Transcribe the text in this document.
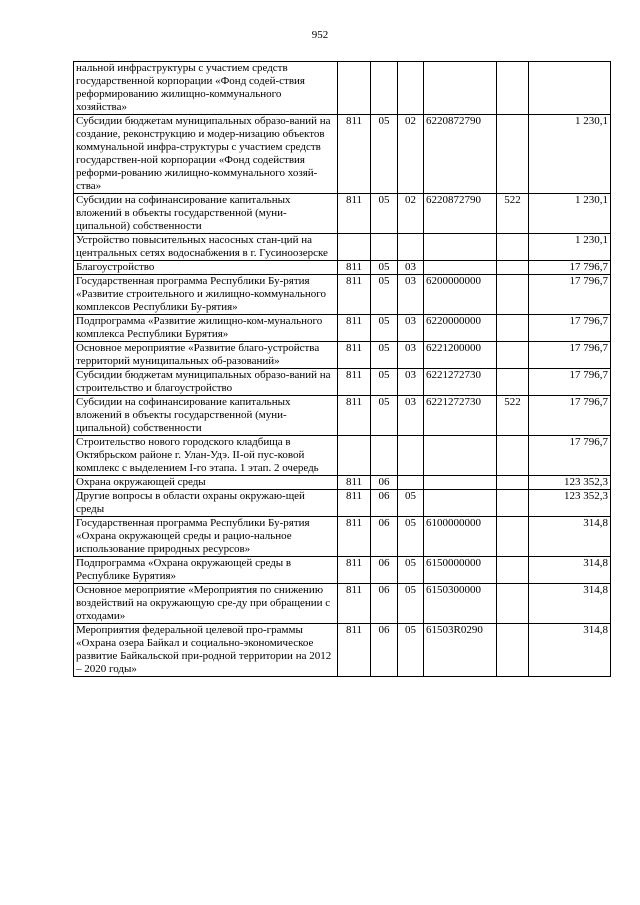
952
нальной инфраструктуры с участием средств государственной корпорации «Фонд содей-ствия реформированию жилищно-коммунального хозяйства»						
Субсидии бюджетам муниципальных образо-ваний на создание, реконструкцию и модер-низацию объектов коммунальной инфра-структуры с участием средств государствен-ной корпорации «Фонд содействия реформи-рованию жилищно-коммунального хозяй-ства»	811	05	02	6220872790		1 230,1
Субсидии на софинансирование капитальных вложений в объекты государственной (муни-ципальной) собственности	811	05	02	6220872790	522	1 230,1
Устройство повысительных насосных стан-ций на центральных сетях водоснабжения в г. Гусиноозерске						1 230,1
Благоустройство	811	05	03			17 796,7
Государственная программа Республики Бу-рятия «Развитие строительного и жилищно-коммунального комплексов Республики Бу-рятия»	811	05	03	6200000000		17 796,7
Подпрограмма «Развитие жилищно-ком-мунального комплекса Республики Бурятия»	811	05	03	6220000000		17 796,7
Основное мероприятие «Развитие благо-устройства территорий муниципальных об-разований»	811	05	03	6221200000		17 796,7
Субсидии бюджетам муниципальных образо-ваний на строительство и благоустройство	811	05	03	6221272730		17 796,7
Субсидии на софинансирование капитальных вложений в объекты государственной (муни-ципальной) собственности	811	05	03	6221272730	522	17 796,7
Строительство нового городского кладбища в Октябрьском районе г. Улан-Удэ. II-ой пус-ковой комплекс с выделением I-го этапа. 1 этап. 2 очередь						17 796,7
Охрана окружающей среды	811	06				123 352,3
Другие вопросы в области охраны окружаю-щей среды	811	06	05			123 352,3
Государственная программа Республики Бу-рятия «Охрана окружающей среды и рацио-нальное использование природных ресурсов»	811	06	05	6100000000		314,8
Подпрограмма «Охрана окружающей среды в Республике Бурятия»	811	06	05	6150000000		314,8
Основное мероприятие «Мероприятия по снижению воздействий на окружающую сре-ду при обращении с отходами»	811	06	05	6150300000		314,8
Мероприятия федеральной целевой про-граммы «Охрана озера Байкал и социально-экономическое развитие Байкальской при-родной территории на 2012 – 2020 годы»	811	06	05	61503R0290		314,8
